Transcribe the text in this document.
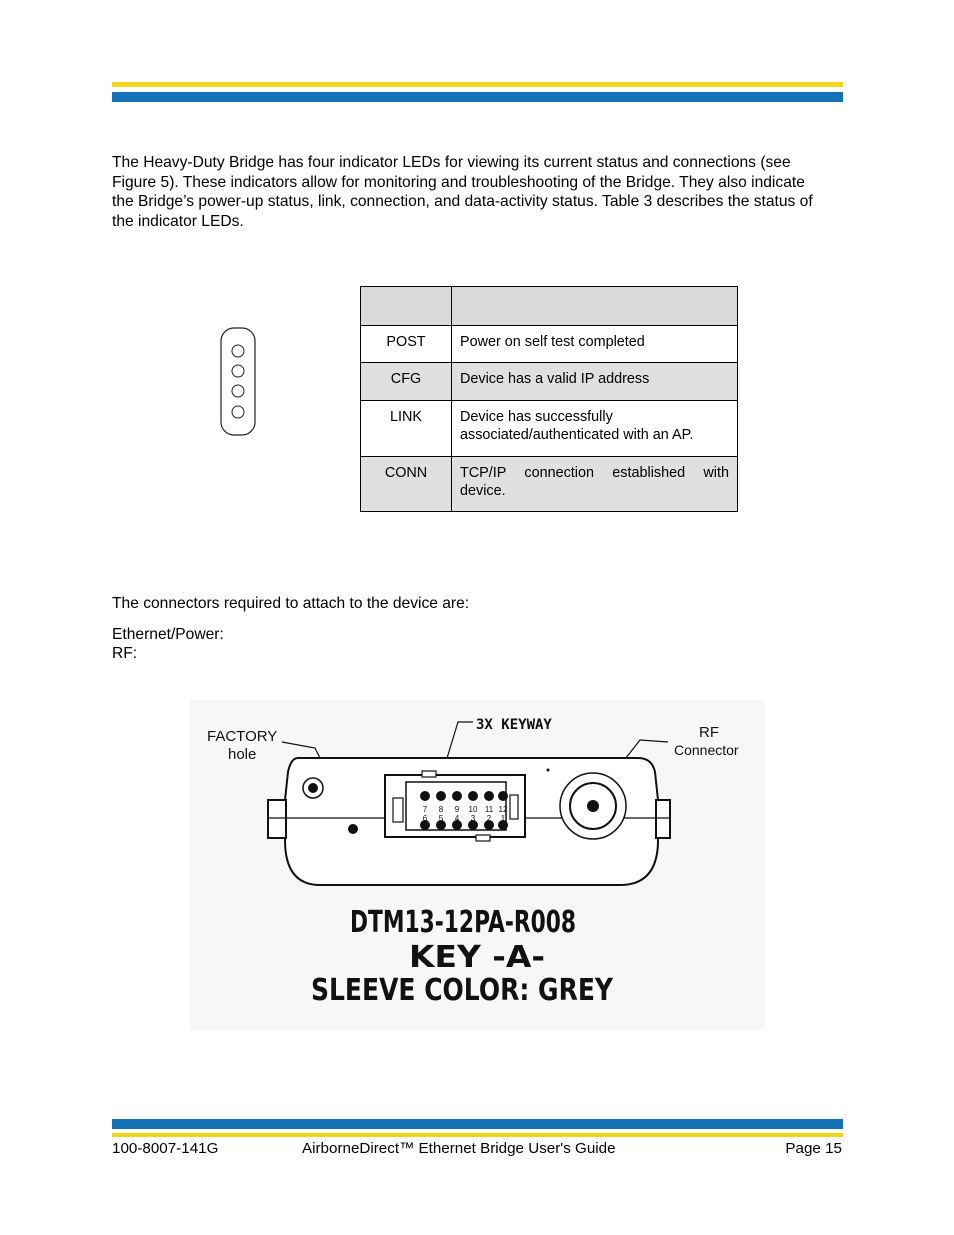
The Heavy-Duty Bridge has four indicator LEDs for viewing its current status and connections (see Figure 5). These indicators allow for monitoring and troubleshooting of the Bridge. They also indicate the Bridge’s power-up status, link, connection, and data-activity status. Table 3 describes the status of the indicator LEDs.

POST	Power on self test completed
CFG	Device has a valid IP address
LINK	Device has successfully associated/authenticated with an AP.
CONN	TCP/IP connection established with device.
The connectors required to attach to the device are:
Ethernet/Power:
RF:
FACTORY
hole
3X KEYWAY	RF
Connector
7 8 9 10 11 12
6 5 4 3 2 1
DTM13-12PA-R008
KEY -A-
SLEEVE COLOR: GREY
100-8007-141G	AirborneDirect™ Ethernet Bridge User's Guide	Page 15
